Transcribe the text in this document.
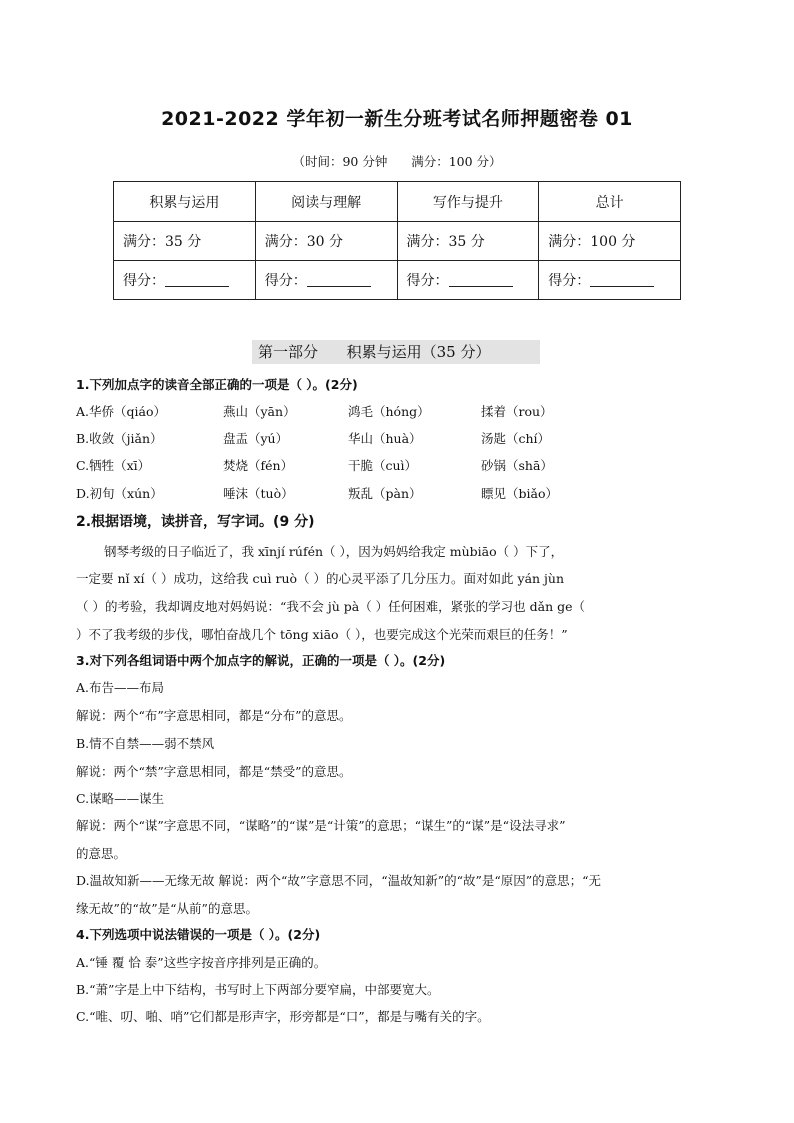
2021-2022 学年初一新生分班考试名师押题密卷 01
（时间：90 分钟      满分：100 分）
积累与运用	阅读与理解	写作与提升	总计
满分：35 分	满分：30 分	满分：35 分	满分：100 分
得分：	得分：	得分：	得分：
第一部分      积累与运用（35 分）
1.下列加点字的读音全部正确的一项是（ ）。(2分)
A.华侨（qiáo）	燕山（yān）	鸿毛（hóng）	揉着（rou）
B.收敛（jiǎn）	盘盂（yú）	华山（huà）	汤匙（chí）
C.牺牲（xī）	焚烧（fén）	干脆（cuì）	砂锅（shā）
D.初旬（xún）	唾沫（tuò）	叛乱（pàn）	瞟见（biǎo）
2.根据语境，读拼音，写字词。(9 分)
钢琴考级的日子临近了，我 xīnjí rúfén（ ），因为妈妈给我定 mùbiāo（ ）下了，
一定要 nǐ xí（ ）成功，这给我 cuì ruò（ ）的心灵平添了几分压力。面对如此 yán jùn
（ ）的考验，我却调皮地对妈妈说：“我不会 jù pà（ ）任何困难，紧张的学习也 dǎn ge（
）不了我考级的步伐，哪怕奋战几个 tōng xiāo（ ），也要完成这个光荣而艰巨的任务！”
3.对下列各组词语中两个加点字的解说，正确的一项是（ ）。(2分)
A.布告——布局
解说：两个“布”字意思相同，都是“分布”的意思。
B.情不自禁——弱不禁风
解说：两个“禁”字意思相同，都是“禁受”的意思。
C.谋略——谋生
解说：两个“谋”字意思不同，“谋略”的“谋”是“计策”的意思；“谋生”的“谋”是“设法寻求”
的意思。
D.温故知新——无缘无故 解说：两个“故”字意思不同，“温故知新”的“故”是“原因”的意思；“无
缘无故”的“故”是“从前”的意思。
4.下列选项中说法错误的一项是（ ）。(2分)
A.“锤 覆 恰 泰”这些字按音序排列是正确的。
B.“萧”字是上中下结构，书写时上下两部分要窄扁，中部要宽大。
C.“唯、叨、啪、哨”它们都是形声字，形旁都是“口”，都是与嘴有关的字。
